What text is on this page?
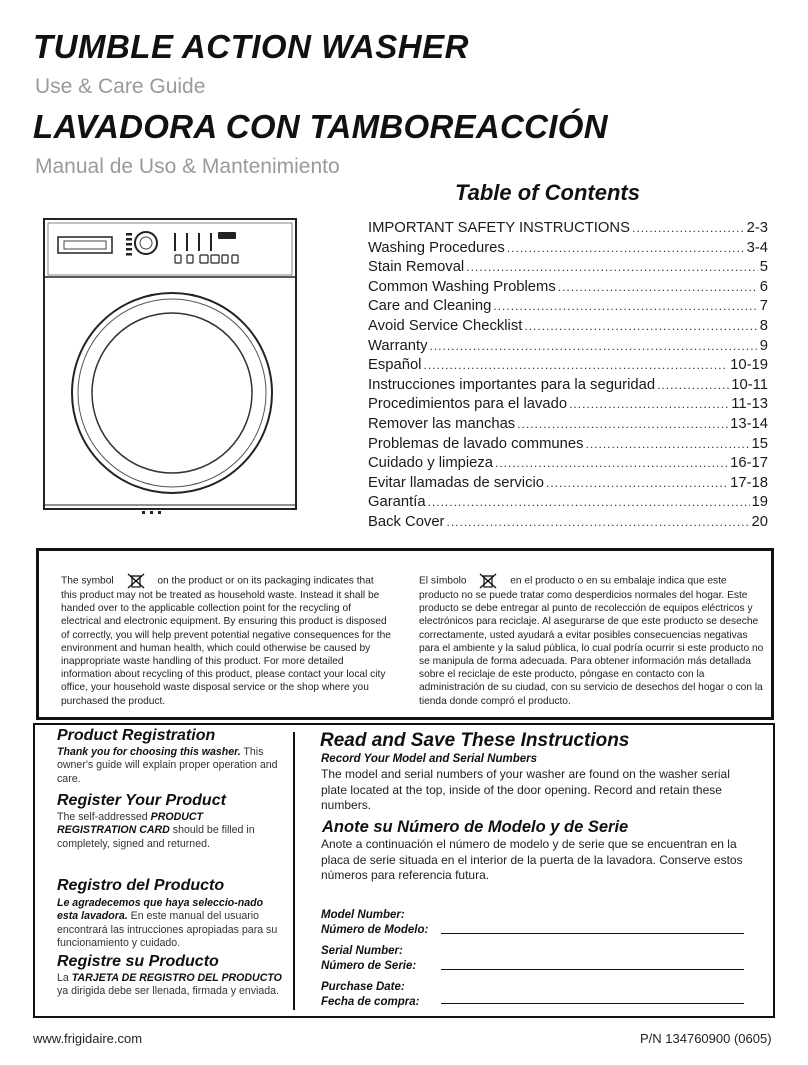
TUMBLE ACTION WASHER
Use & Care Guide
LAVADORA CON TAMBOREACCIÓN
Manual de Uso & Mantenimiento
Table of Contents
IMPORTANT SAFETY INSTRUCTIONS .....	2-3
Washing Procedures .....	3-4
Stain Removal .....	5
Common Washing Problems .....	6
Care and Cleaning .....	7
Avoid Service Checklist .....	8
Warranty .....	9
Español .....	10-19
Instrucciones importantes para la seguridad .....	10-11
Procedimientos para el lavado .....	11-13
Remover las manchas .....	13-14
Problemas de lavado communes .....	15
Cuidado y limpieza .....	16-17
Evitar llamadas de servicio .....	17-18
Garantía .....	19
Back Cover .....	20
The symbol	on the product or on its packaging indicates that this product may not be treated as household waste. Instead it shall be handed over to the applicable collection point for the recycling of electrical and electronic equipment. By ensuring this product is disposed of correctly, you will help prevent potential negative consequences for the environment and human health, which could otherwise be caused by inappropriate waste handling of this product. For more detailed information about recycling of this product, please contact your local city office, your household waste disposal service or the shop where you purchased the product.
El símbolo	en el producto o en su embalaje indica que este producto no se puede tratar como desperdicios normales del hogar. Este producto se debe entregar al punto de recolección de equipos eléctricos y electrónicos para reciclaje. Al asegurarse de que este producto se deseche correctamente, usted ayudará a evitar posibles consecuencias negativas para el ambiente y la salud pública, lo cual podría ocurrir si este producto no se manipula de forma adecuada. Para obtener información más detallada sobre el reciclaje de este producto, póngase en contacto con la administración de su ciudad, con su servicio de desechos del hogar o con la tienda donde compró el producto.
Product Registration
Thank you for choosing this washer. This owner's guide will explain proper operation and care.
Register Your Product
The self-addressed PRODUCT REGISTRATION CARD should be filled in completely, signed and returned.
Registro del Producto
Le agradecemos que haya seleccio-nado esta lavadora. En este manual del usuario encontrará las intrucciones apropiadas para su funcionamiento y cuidado.
Registre su Producto
La TARJETA DE REGISTRO DEL PRODUCTO ya dirigida debe ser llenada, firmada y enviada.
Read and Save These Instructions
Record Your Model and Serial Numbers
The model and serial numbers of your washer are found on the washer serial plate located at the top, inside of the door opening. Record and retain these numbers.
Anote su Número de Modelo y de Serie
Anote a continuación el número de modelo y de serie que se encuentran en la placa de serie situada en el interior de la puerta de la lavadora. Conserve estos números para referencia futura.
Model Number:
Número de Modelo:
Serial Number:
Número de Serie:
Purchase Date:
Fecha de compra:
www.frigidaire.com	P/N 134760900 (0605)
